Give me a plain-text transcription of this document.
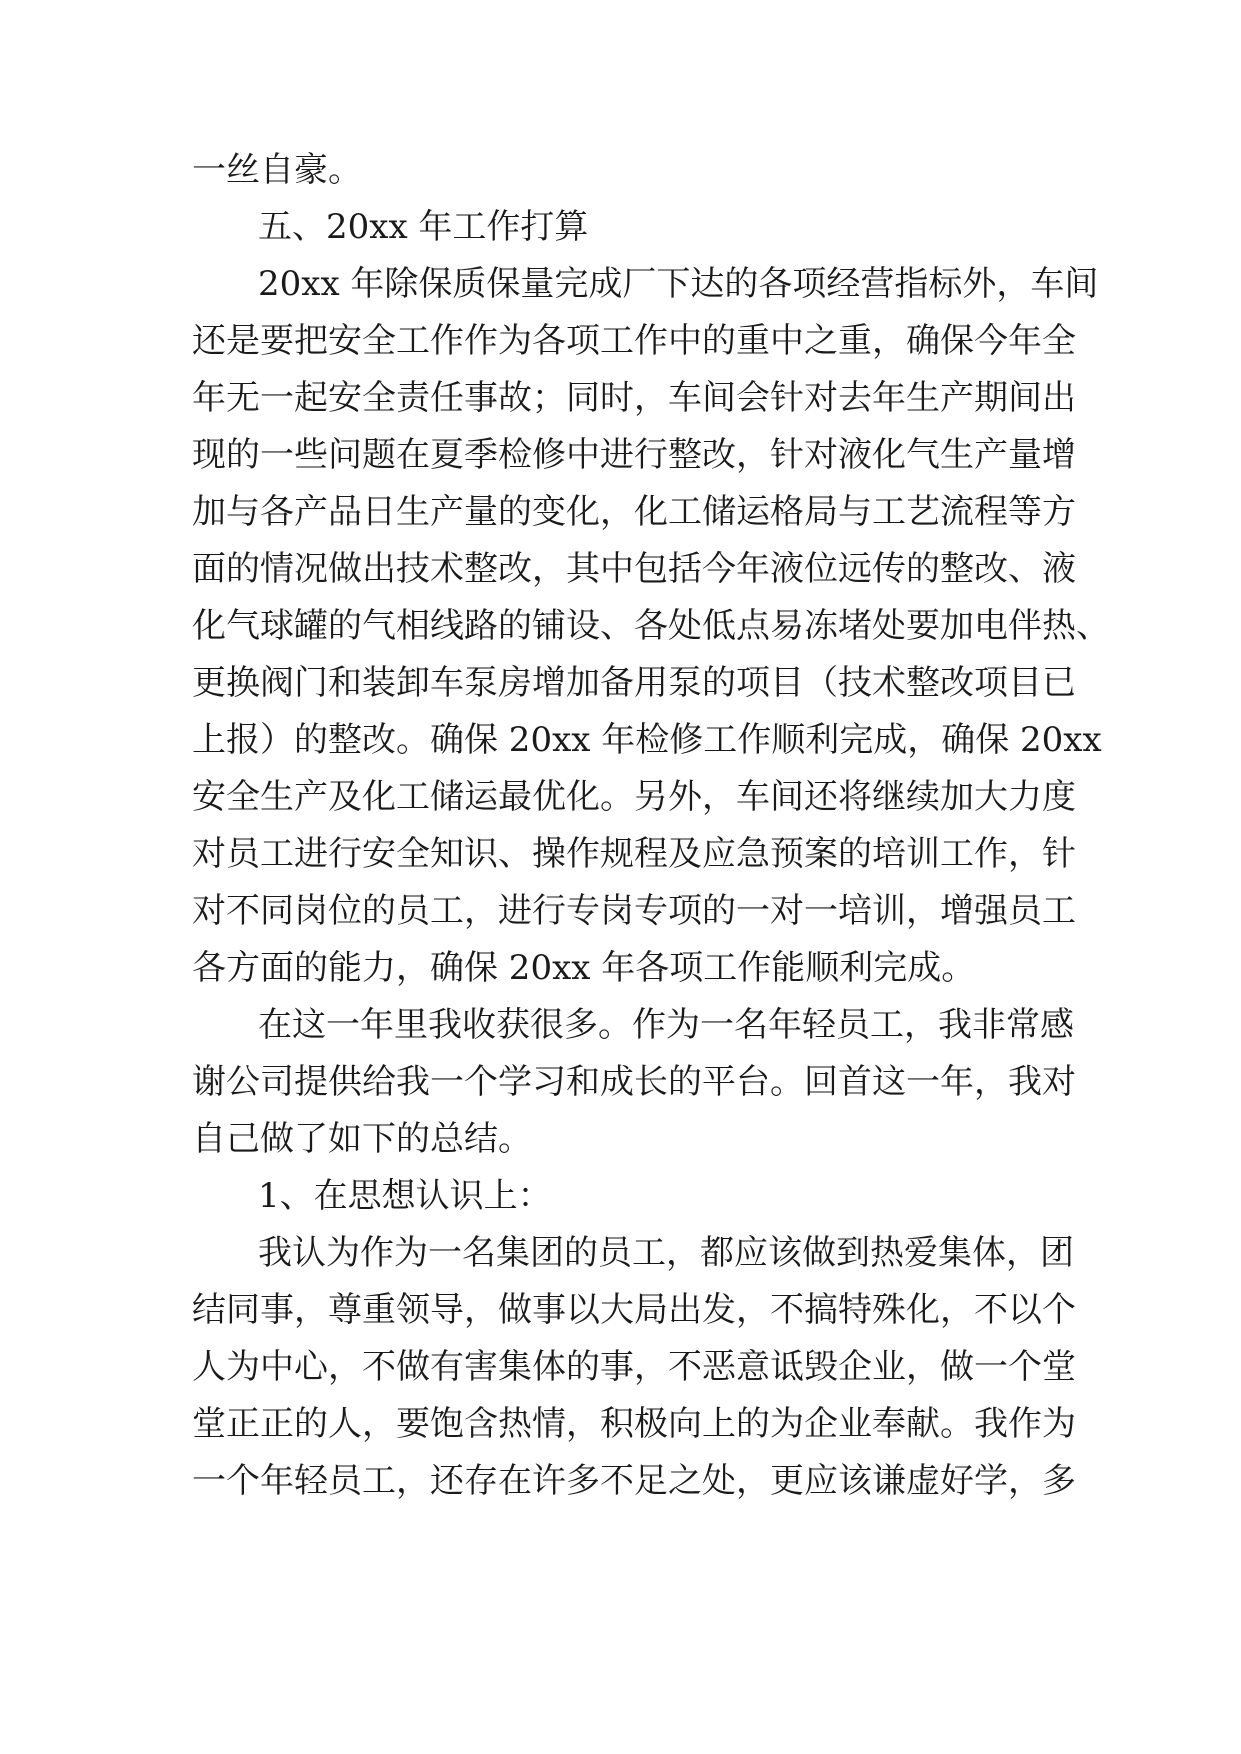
一丝自豪。
五、20xx 年工作打算
20xx 年除保质保量完成厂下达的各项经营指标外，车间
还是要把安全工作作为各项工作中的重中之重，确保今年全
年无一起安全责任事故；同时，车间会针对去年生产期间出
现的一些问题在夏季检修中进行整改，针对液化气生产量增
加与各产品日生产量的变化，化工储运格局与工艺流程等方
面的情况做出技术整改，其中包括今年液位远传的整改、液
化气球罐的气相线路的铺设、各处低点易冻堵处要加电伴热、
更换阀门和装卸车泵房增加备用泵的项目（技术整改项目已
上报）的整改。确保 20xx 年检修工作顺利完成，确保 20xx
安全生产及化工储运最优化。另外，车间还将继续加大力度
对员工进行安全知识、操作规程及应急预案的培训工作，针
对不同岗位的员工，进行专岗专项的一对一培训，增强员工
各方面的能力，确保 20xx 年各项工作能顺利完成。
在这一年里我收获很多。作为一名年轻员工，我非常感
谢公司提供给我一个学习和成长的平台。回首这一年，我对
自己做了如下的总结。
1、在思想认识上：
我认为作为一名集团的员工，都应该做到热爱集体，团
结同事，尊重领导，做事以大局出发，不搞特殊化，不以个
人为中心，不做有害集体的事，不恶意诋毁企业，做一个堂
堂正正的人，要饱含热情，积极向上的为企业奉献。我作为
一个年轻员工，还存在许多不足之处，更应该谦虚好学，多
